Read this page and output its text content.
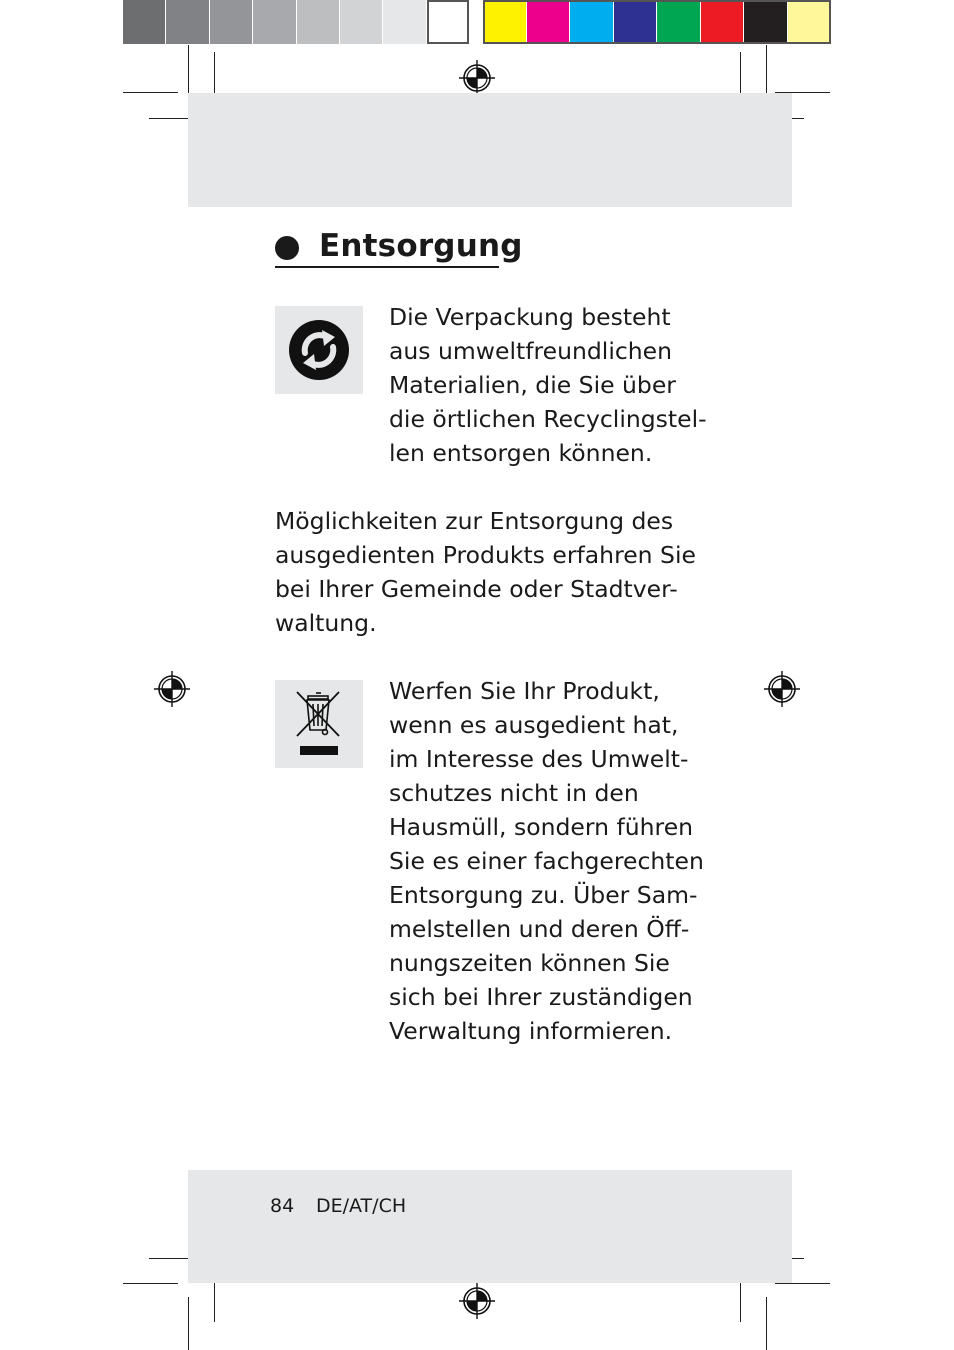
Entsorgung
Die Verpackung besteht
aus umweltfreundlichen
Materialien, die Sie über
die örtlichen Recyclingstel-
len entsorgen können.
Möglichkeiten zur Entsorgung des
ausgedienten Produkts erfahren Sie
bei Ihrer Gemeinde oder Stadtver-
waltung.
Werfen Sie Ihr Produkt,
wenn es ausgedient hat,
im Interesse des Umwelt-
schutzes nicht in den
Hausmüll, sondern führen
Sie es einer fachgerechten
Entsorgung zu. Über Sam-
melstellen und deren Öff-
nungszeiten können Sie
sich bei Ihrer zuständigen
Verwaltung informieren.
84 DE/AT/CH
